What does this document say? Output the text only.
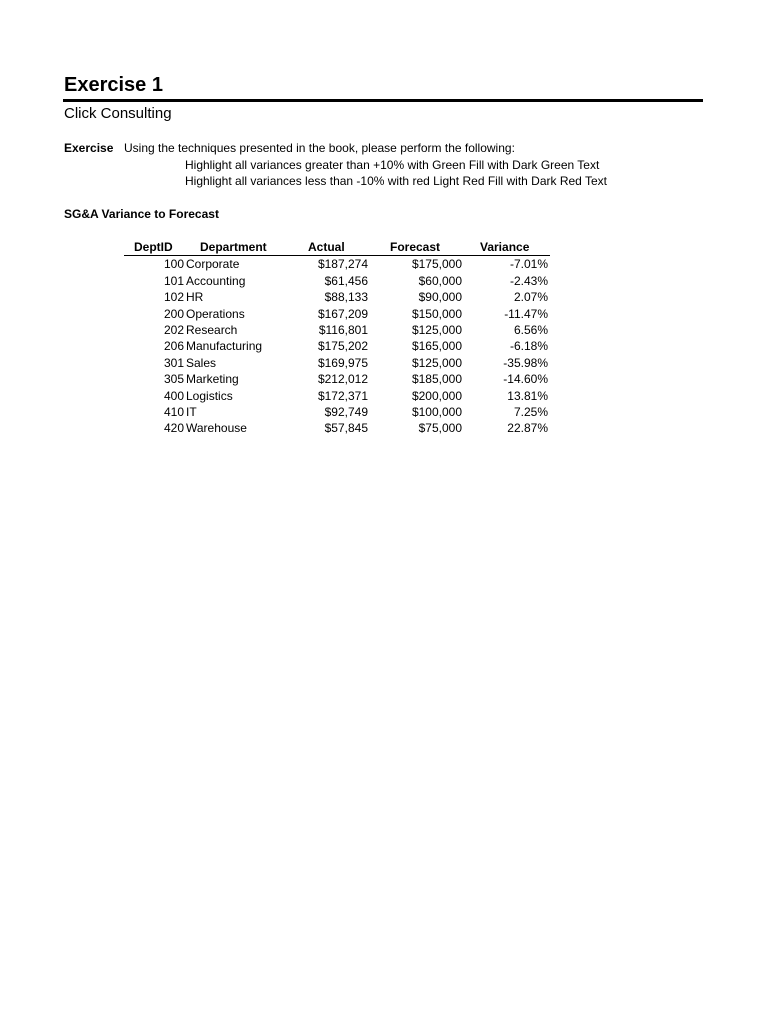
Exercise 1
Click Consulting
Exercise Using the techniques presented in the book, please perform the following:
Highlight all variances greater than +10% with Green Fill with Dark Green Text
Highlight all variances less than -10% with red Light Red Fill with Dark Red Text
SG&A Variance to Forecast
DeptID	Department	Actual	Forecast	Variance
100 Corporate	$187,274	$175,000	-7.01%
101 Accounting	$61,456	$60,000	-2.43%
102 HR	$88,133	$90,000	2.07%
200 Operations	$167,209	$150,000	-11.47%
202 Research	$116,801	$125,000	6.56%
206 Manufacturing	$175,202	$165,000	-6.18%
301 Sales	$169,975	$125,000	-35.98%
305 Marketing	$212,012	$185,000	-14.60%
400 Logistics	$172,371	$200,000	13.81%
410 IT	$92,749	$100,000	7.25%
420 Warehouse	$57,845	$75,000	22.87%
